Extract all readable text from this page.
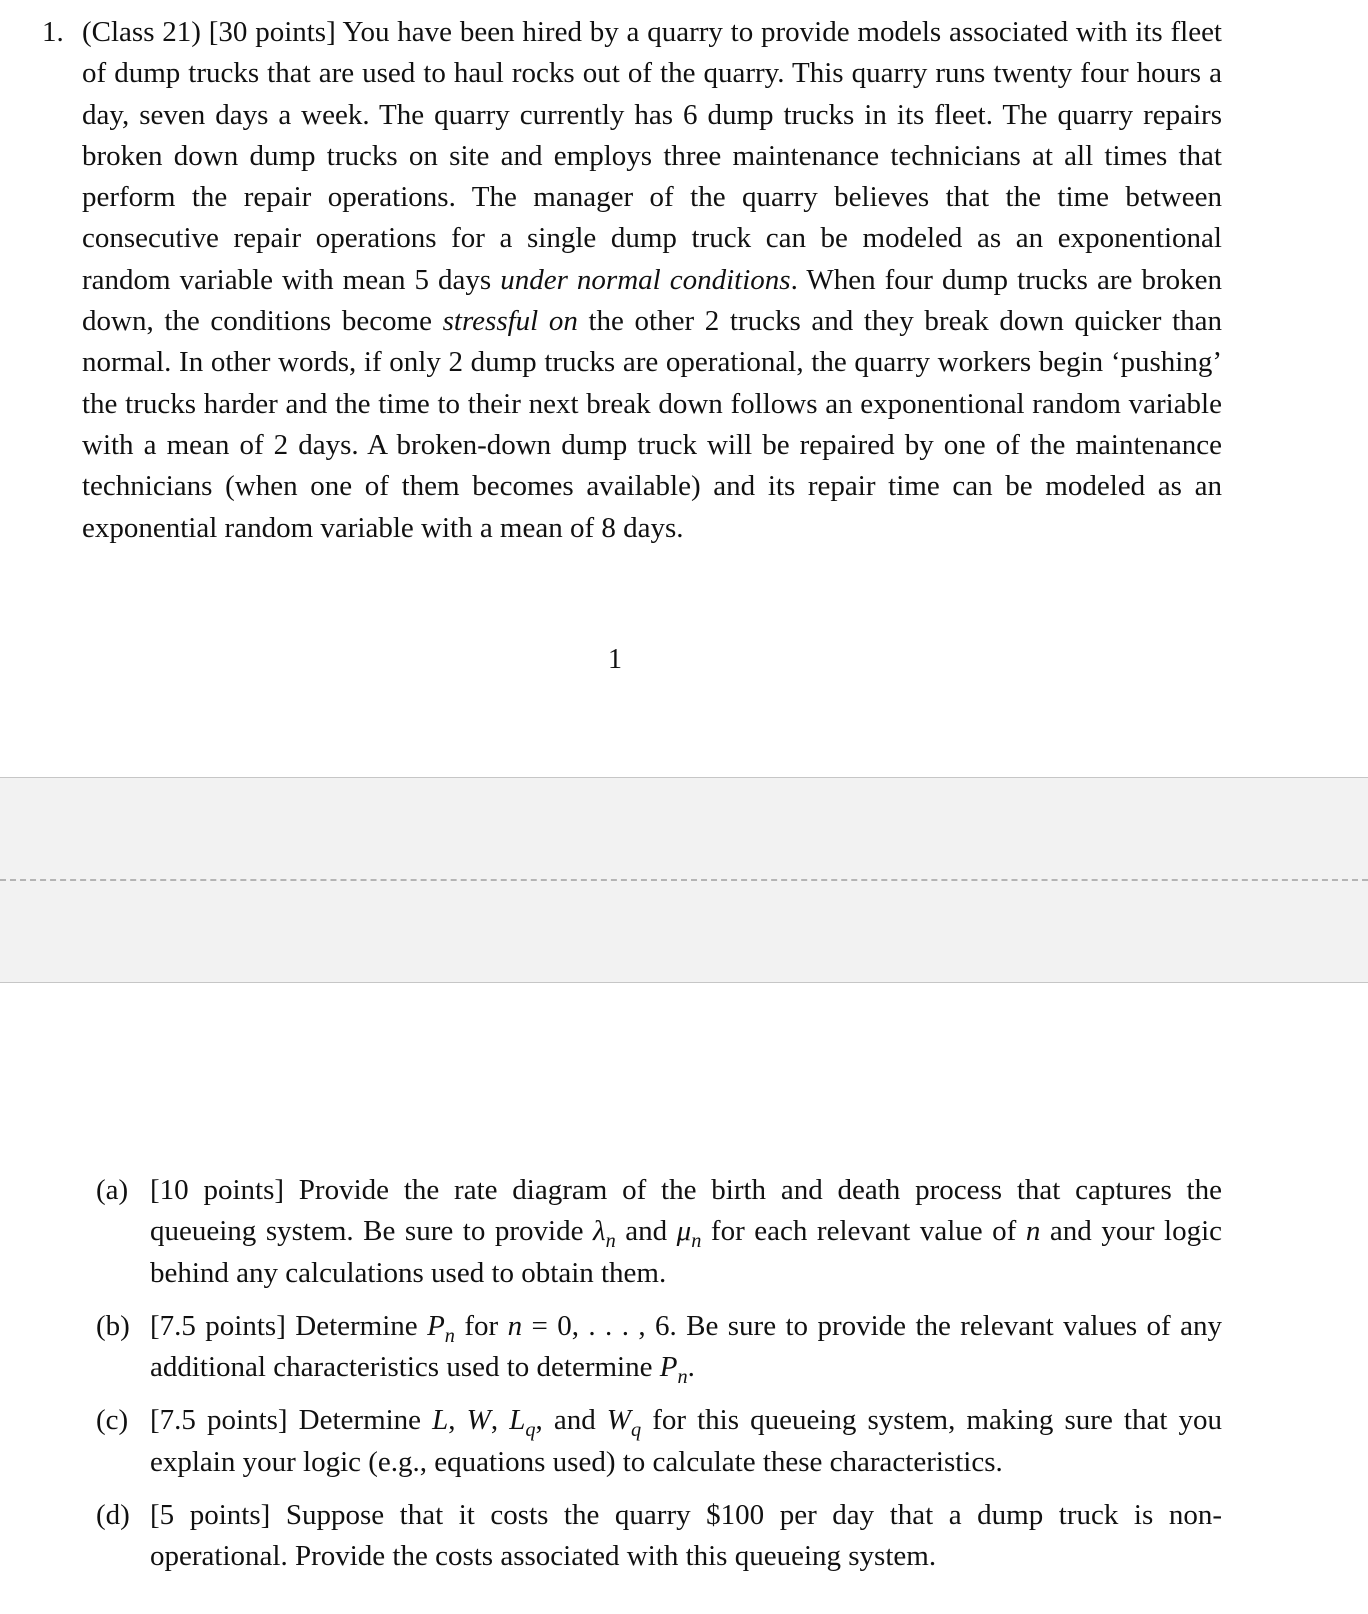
1. (Class 21) [30 points] You have been hired by a quarry to provide models associated with its fleet of dump trucks that are used to haul rocks out of the quarry. This quarry runs twenty four hours a day, seven days a week. The quarry currently has 6 dump trucks in its fleet. The quarry repairs broken down dump trucks on site and employs three maintenance technicians at all times that perform the repair operations. The manager of the quarry believes that the time between consecutive repair operations for a single dump truck can be modeled as an exponentional random variable with mean 5 days under normal conditions. When four dump trucks are broken down, the conditions become stressful on the other 2 trucks and they break down quicker than normal. In other words, if only 2 dump trucks are operational, the quarry workers begin ‘pushing’ the trucks harder and the time to their next break down follows an exponentional random variable with a mean of 2 days. A broken-down dump truck will be repaired by one of the maintenance technicians (when one of them becomes available) and its repair time can be modeled as an exponential random variable with a mean of 8 days.
1
(a) [10 points] Provide the rate diagram of the birth and death process that captures the queueing system. Be sure to provide $\lambda_n$ and $\mu_n$ for each relevant value of n and your logic behind any calculations used to obtain them.
(b) [7.5 points] Determine $P_n$ for n = 0, . . . , 6. Be sure to provide the relevant values of any additional characteristics used to determine $P_n$.
(c) [7.5 points] Determine L, W, $L_q$, and $W_q$ for this queueing system, making sure that you explain your logic (e.g., equations used) to calculate these characteristics.
(d) [5 points] Suppose that it costs the quarry $100 per day that a dump truck is non-operational. Provide the costs associated with this queueing system.
